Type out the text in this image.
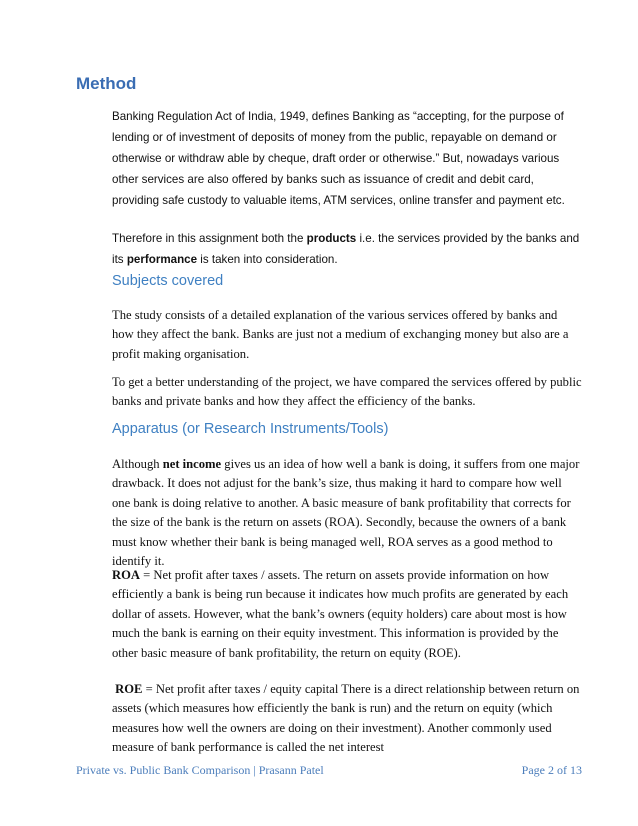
Method

Banking Regulation Act of India, 1949, defines Banking as “accepting, for the purpose of lending or of investment of deposits of money from the public, repayable on demand or otherwise or withdraw able by cheque, draft order or otherwise.” But, nowadays various other services are also offered by banks such as issuance of credit and debit card, providing safe custody to valuable items, ATM services, online transfer and payment etc.

Therefore in this assignment both the products i.e. the services provided by the banks and its performance is taken into consideration.

Subjects covered

The study consists of a detailed explanation of the various services offered by banks and how they affect the bank. Banks are just not a medium of exchanging money but also are a profit making organisation.

To get a better understanding of the project, we have compared the services offered by public banks and private banks and how they affect the efficiency of the banks.

Apparatus (or Research Instruments/Tools)

Although net income gives us an idea of how well a bank is doing, it suffers from one major drawback. It does not adjust for the bank’s size, thus making it hard to compare how well one bank is doing relative to another. A basic measure of bank profitability that corrects for the size of the bank is the return on assets (ROA). Secondly, because the owners of a bank must know whether their bank is being managed well, ROA serves as a good method to identify it.

ROA = Net profit after taxes / assets. The return on assets provide information on how efficiently a bank is being run because it indicates how much profits are generated by each dollar of assets. However, what the bank’s owners (equity holders) care about most is how much the bank is earning on their equity investment. This information is provided by the other basic measure of bank profitability, the return on equity (ROE).

ROE = Net profit after taxes / equity capital There is a direct relationship between return on assets (which measures how efficiently the bank is run) and the return on equity (which measures how well the owners are doing on their investment). Another commonly used measure of bank performance is called the net interest

Private vs. Public Bank Comparison | Prasann Patel	Page 2 of 13
